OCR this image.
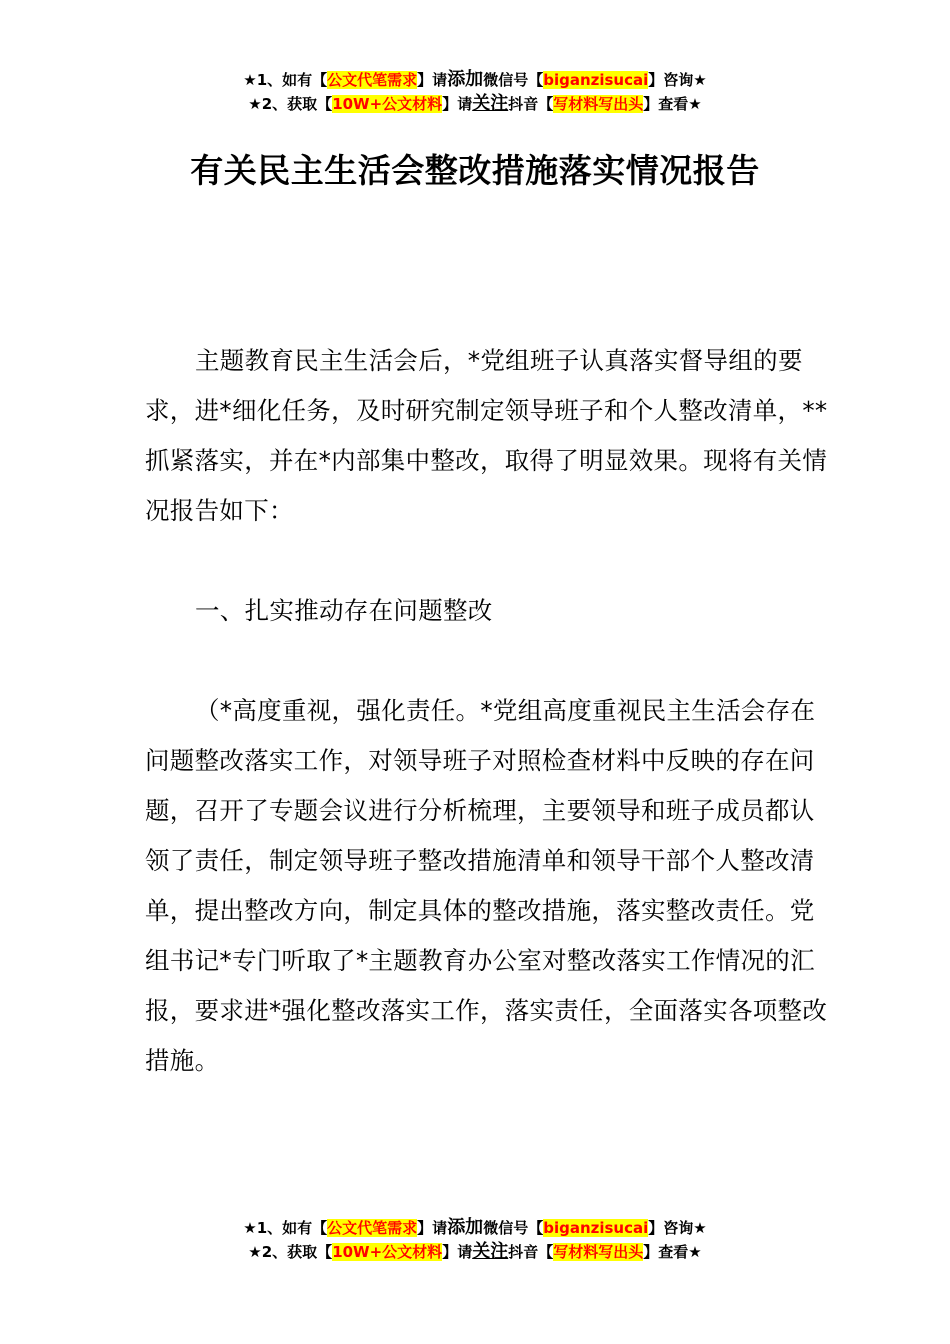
★1、如有【公文代笔需求】请添加微信号【biganzisucai】咨询★
★2、获取【10W+公文材料】请关注抖音【写材料写出头】查看★
有关民主生活会整改措施落实情况报告

主题教育民主生活会后，*党组班子认真落实督导组的要求，进*细化任务，及时研究制定领导班子和个人整改清单，**抓紧落实，并在*内部集中整改，取得了明显效果。现将有关情况报告如下：

一、扎实推动存在问题整改

（*高度重视，强化责任。*党组高度重视民主生活会存在问题整改落实工作，对领导班子对照检查材料中反映的存在问题，召开了专题会议进行分析梳理，主要领导和班子成员都认领了责任，制定领导班子整改措施清单和领导干部个人整改清单，提出整改方向，制定具体的整改措施，落实整改责任。党组书记*专门听取了*主题教育办公室对整改落实工作情况的汇报，要求进*强化整改落实工作，落实责任，全面落实各项整改措施。

★1、如有【公文代笔需求】请添加微信号【biganzisucai】咨询★
★2、获取【10W+公文材料】请关注抖音【写材料写出头】查看★
